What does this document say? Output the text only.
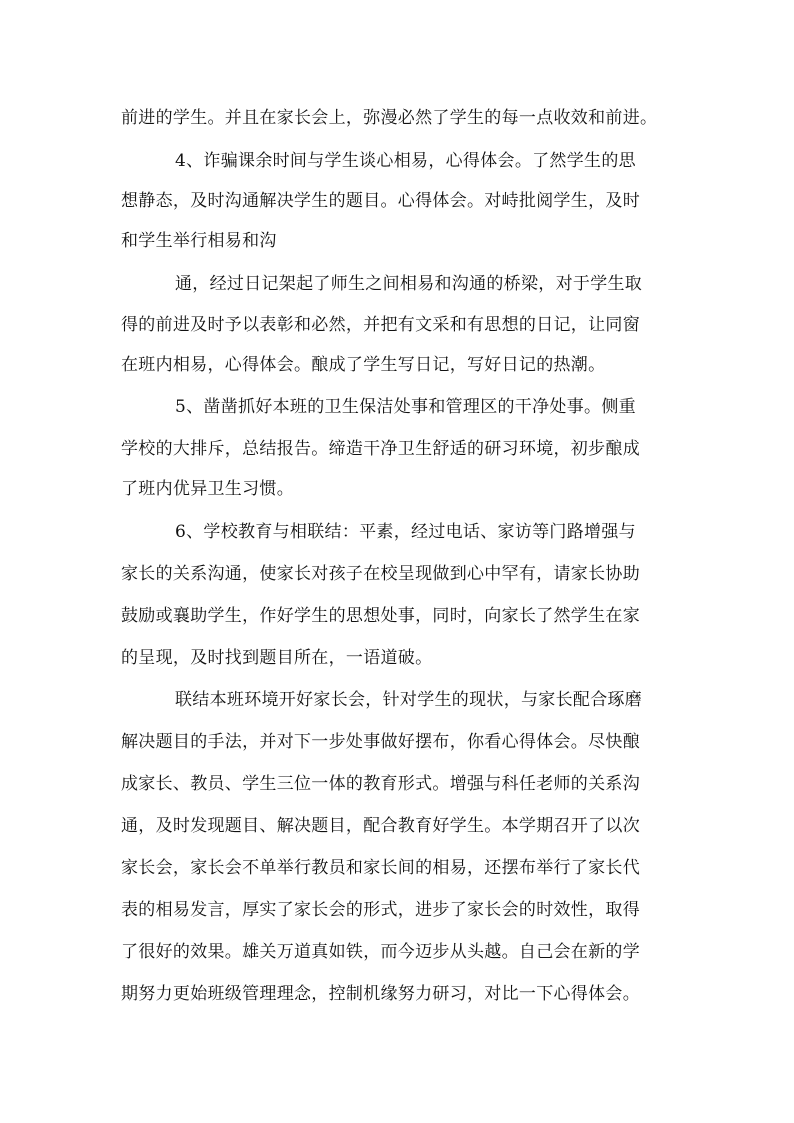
前进的学生。并且在家长会上，弥漫必然了学生的每一点收效和前进。
4、诈骗课余时间与学生谈心相易，心得体会。了然学生的思
想静态，及时沟通解决学生的题目。心得体会。对峙批阅学生，及时
和学生举行相易和沟
通，经过日记架起了师生之间相易和沟通的桥梁，对于学生取
得的前进及时予以表彰和必然，并把有文采和有思想的日记，让同窗
在班内相易，心得体会。酿成了学生写日记，写好日记的热潮。
5、凿凿抓好本班的卫生保洁处事和管理区的干净处事。侧重
学校的大排斥，总结报告。缔造干净卫生舒适的研习环境，初步酿成
了班内优异卫生习惯。
6、学校教育与相联结：平素，经过电话、家访等门路增强与
家长的关系沟通，使家长对孩子在校呈现做到心中罕有，请家长协助
鼓励或襄助学生，作好学生的思想处事，同时，向家长了然学生在家
的呈现，及时找到题目所在，一语道破。
联结本班环境开好家长会，针对学生的现状，与家长配合琢磨
解决题目的手法，并对下一步处事做好摆布，你看心得体会。尽快酿
成家长、教员、学生三位一体的教育形式。增强与科任老师的关系沟
通，及时发现题目、解决题目，配合教育好学生。本学期召开了以次
家长会，家长会不单举行教员和家长间的相易，还摆布举行了家长代
表的相易发言，厚实了家长会的形式，进步了家长会的时效性，取得
了很好的效果。雄关万道真如铁，而今迈步从头越。自己会在新的学
期努力更始班级管理理念，控制机缘努力研习，对比一下心得体会。
